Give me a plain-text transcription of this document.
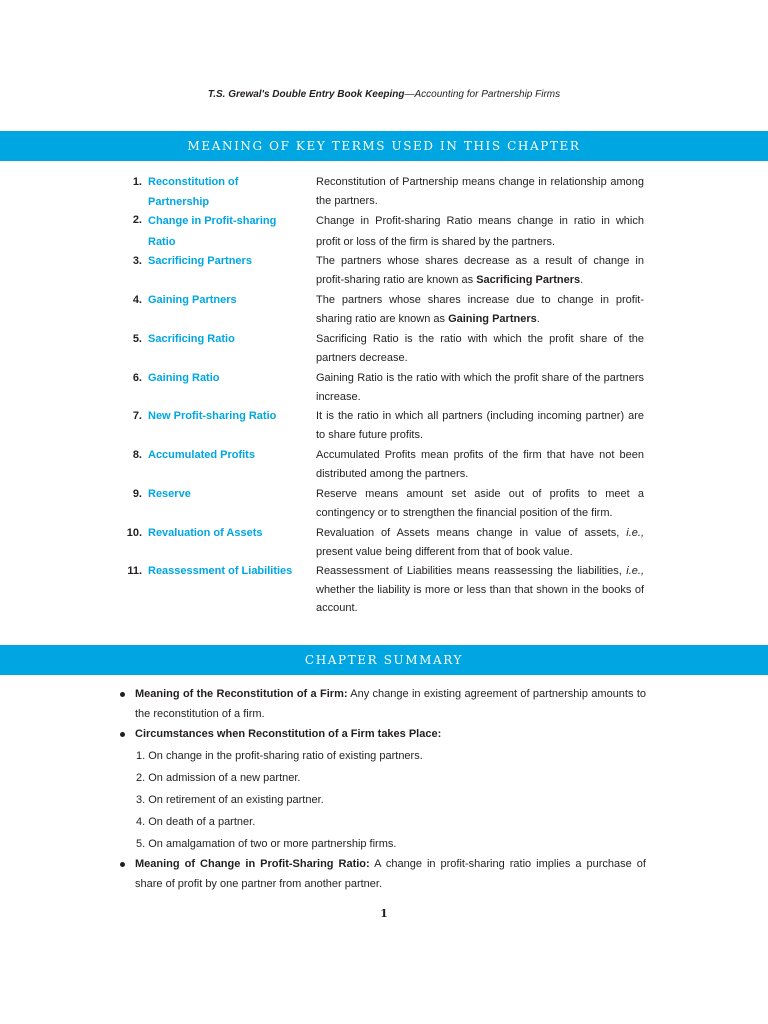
T.S. Grewal's Double Entry Book Keeping—Accounting for Partnership Firms
MEANING OF KEY TERMS USED IN THIS CHAPTER
1. Reconstitution of Partnership
Reconstitution of Partnership means change in relationship among the partners.
2. Change in Profit-sharing Ratio
Change in Profit-sharing Ratio means change in ratio in which profit or loss of the firm is shared by the partners.
3. Sacrificing Partners	The partners whose shares decrease as a result of change in profit-sharing ratio are known as Sacrificing Partners.
4. Gaining Partners	The partners whose shares increase due to change in profit-sharing ratio are known as Gaining Partners.
5. Sacrificing Ratio	Sacrificing Ratio is the ratio with which the profit share of the partners decrease.
6. Gaining Ratio	Gaining Ratio is the ratio with which the profit share of the partners increase.
7. New Profit-sharing Ratio	It is the ratio in which all partners (including incoming partner) are to share future profits.
8. Accumulated Profits	Accumulated Profits mean profits of the firm that have not been distributed among the partners.
9. Reserve	Reserve means amount set aside out of profits to meet a contingency or to strengthen the financial position of the firm.
10. Revaluation of Assets	Revaluation of Assets means change in value of assets, i.e., present value being different from that of book value.
11. Reassessment of Liabilities	Reassessment of Liabilities means reassessing the liabilities, i.e., whether the liability is more or less than that shown in the books of account.
CHAPTER SUMMARY
Meaning of the Reconstitution of a Firm: Any change in existing agreement of partnership amounts to the reconstitution of a firm.
Circumstances when Reconstitution of a Firm takes Place:
1. On change in the profit-sharing ratio of existing partners.
2. On admission of a new partner.
3. On retirement of an existing partner.
4. On death of a partner.
5. On amalgamation of two or more partnership firms.
Meaning of Change in Profit-Sharing Ratio: A change in profit-sharing ratio implies a purchase of share of profit by one partner from another partner.
1
